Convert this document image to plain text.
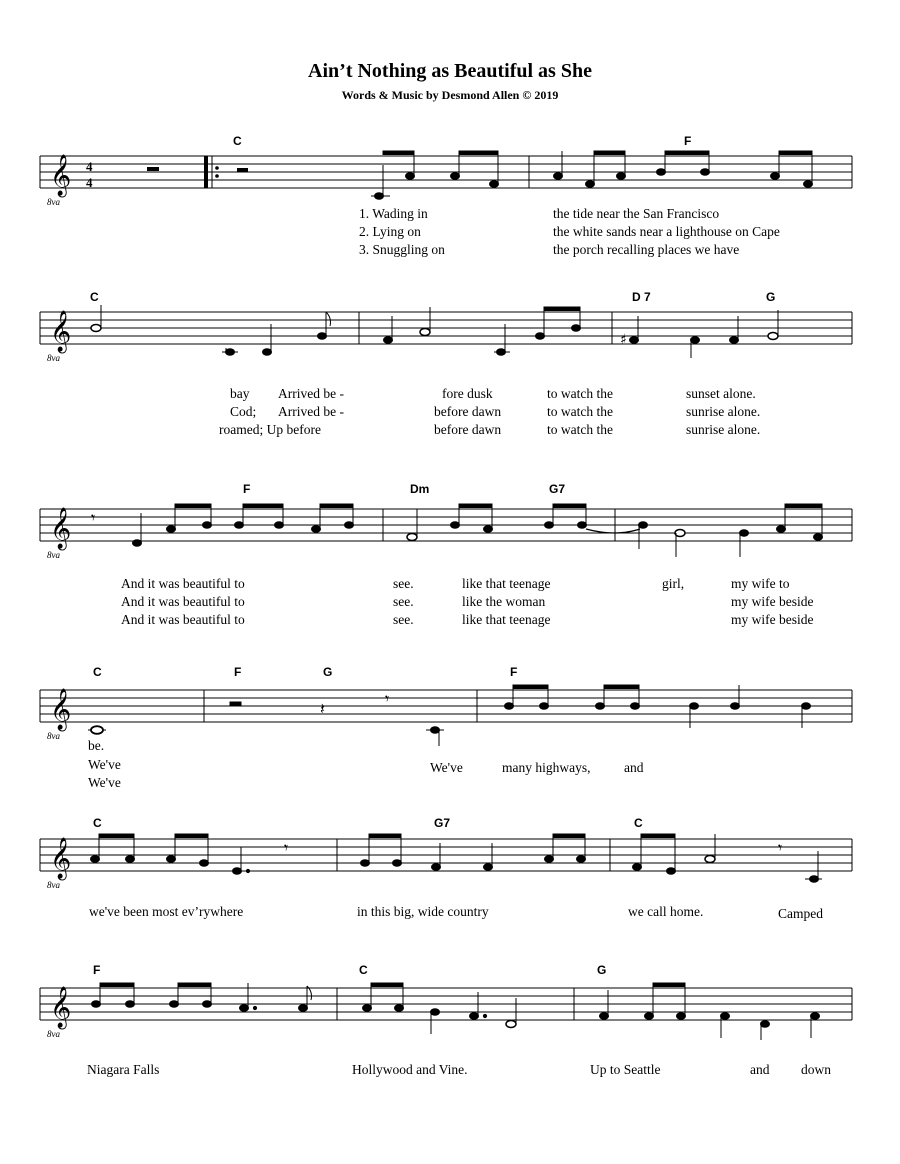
Ain’t Nothing as Beautiful as She
Words & Music by Desmond Allen © 2019
𝄞 4
4
8va
C	F
1. Wading in
2. Lying on
3. Snuggling on
the tide near the San Francisco
the white sands near a lighthouse on Cape
the porch recalling places we have
𝄞	♯
8va
C	D 7	G
bay Arrived be -	fore dusk	to watch the	sunset alone.
Cod; Arrived be -	before dawn	to watch the	sunrise alone.
roamed; Up before	before dawn	to watch the	sunrise alone.
𝄞 𝄾
8va
F	Dm	G7
And it was beautiful to	see.	like that teenage	girl,	my wife to
And it was beautiful to	see.	like the woman	my wife beside
And it was beautiful to	see.	like that teenage	my wife beside
𝄞	𝄽
𝄾
8va
C	F	G	F
be.
We've
We've
We've	many highways, and
𝄞	𝄾	𝄾
8va
C	G7	C
we've been most ev’rywhere	in this big, wide country	we call home.	Camped
𝄞
8va
F	C	G
Niagara Falls	Hollywood and Vine.	Up to Seattle	and down
